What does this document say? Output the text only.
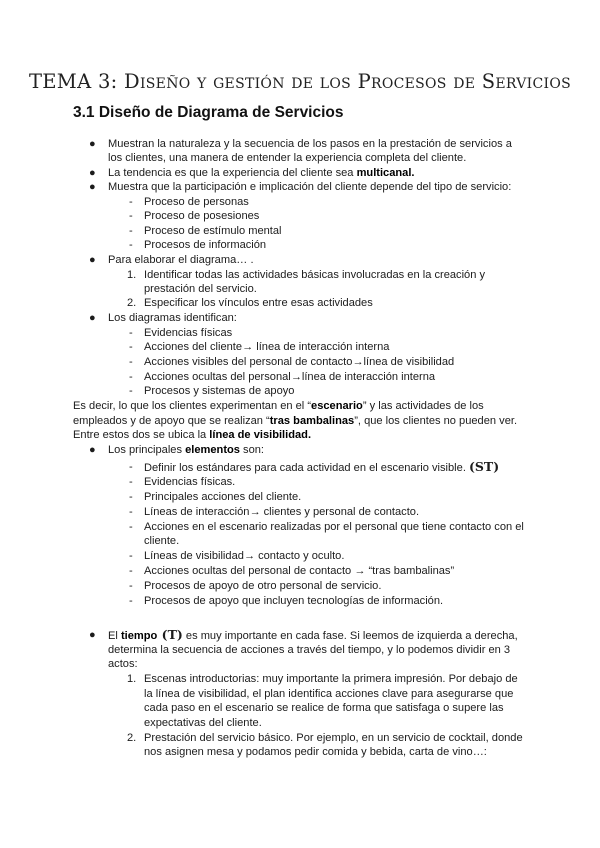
TEMA 3: Diseño y gestión de los Procesos de Servicios
3.1 Diseño de Diagrama de Servicios
● Muestran la naturaleza y la secuencia de los pasos en la prestación de servicios a
los clientes, una manera de entender la experiencia completa del cliente.
● La tendencia es que la experiencia del cliente sea multicanal.
● Muestra que la participación e implicación del cliente depende del tipo de servicio:
- Proceso de personas
- Proceso de posesiones
- Proceso de estímulo mental
- Procesos de información
● Para elaborar el diagrama… .
1. Identificar todas las actividades básicas involucradas en la creación y
prestación del servicio.
2. Especificar los vínculos entre esas actividades
● Los diagramas identifican:
- Evidencias físicas
- Acciones del cliente→ línea de interacción interna
- Acciones visibles del personal de contacto→línea de visibilidad
- Acciones ocultas del personal→línea de interacción interna
- Procesos y sistemas de apoyo
Es decir, lo que los clientes experimentan en el “escenario” y las actividades de los
empleados y de apoyo que se realizan “tras bambalinas”, que los clientes no pueden ver.
Entre estos dos se ubica la línea de visibilidad.
● Los principales elementos son:
- Definir los estándares para cada actividad en el escenario visible. (ST)
- Evidencias físicas.
- Principales acciones del cliente.
- Líneas de interacción→ clientes y personal de contacto.
- Acciones en el escenario realizadas por el personal que tiene contacto con el
cliente.
- Líneas de visibilidad→ contacto y oculto.
- Acciones ocultas del personal de contacto → “tras bambalinas”
- Procesos de apoyo de otro personal de servicio.
- Procesos de apoyo que incluyen tecnologías de información.
● El tiempo (T) es muy importante en cada fase. Si leemos de izquierda a derecha,
determina la secuencia de acciones a través del tiempo, y lo podemos dividir en 3
actos:
1. Escenas introductorias: muy importante la primera impresión. Por debajo de
la línea de visibilidad, el plan identifica acciones clave para asegurarse que
cada paso en el escenario se realice de forma que satisfaga o supere las
expectativas del cliente.
2. Prestación del servicio básico. Por ejemplo, en un servicio de cocktail, donde
nos asignen mesa y podamos pedir comida y bebida, carta de vino…:
